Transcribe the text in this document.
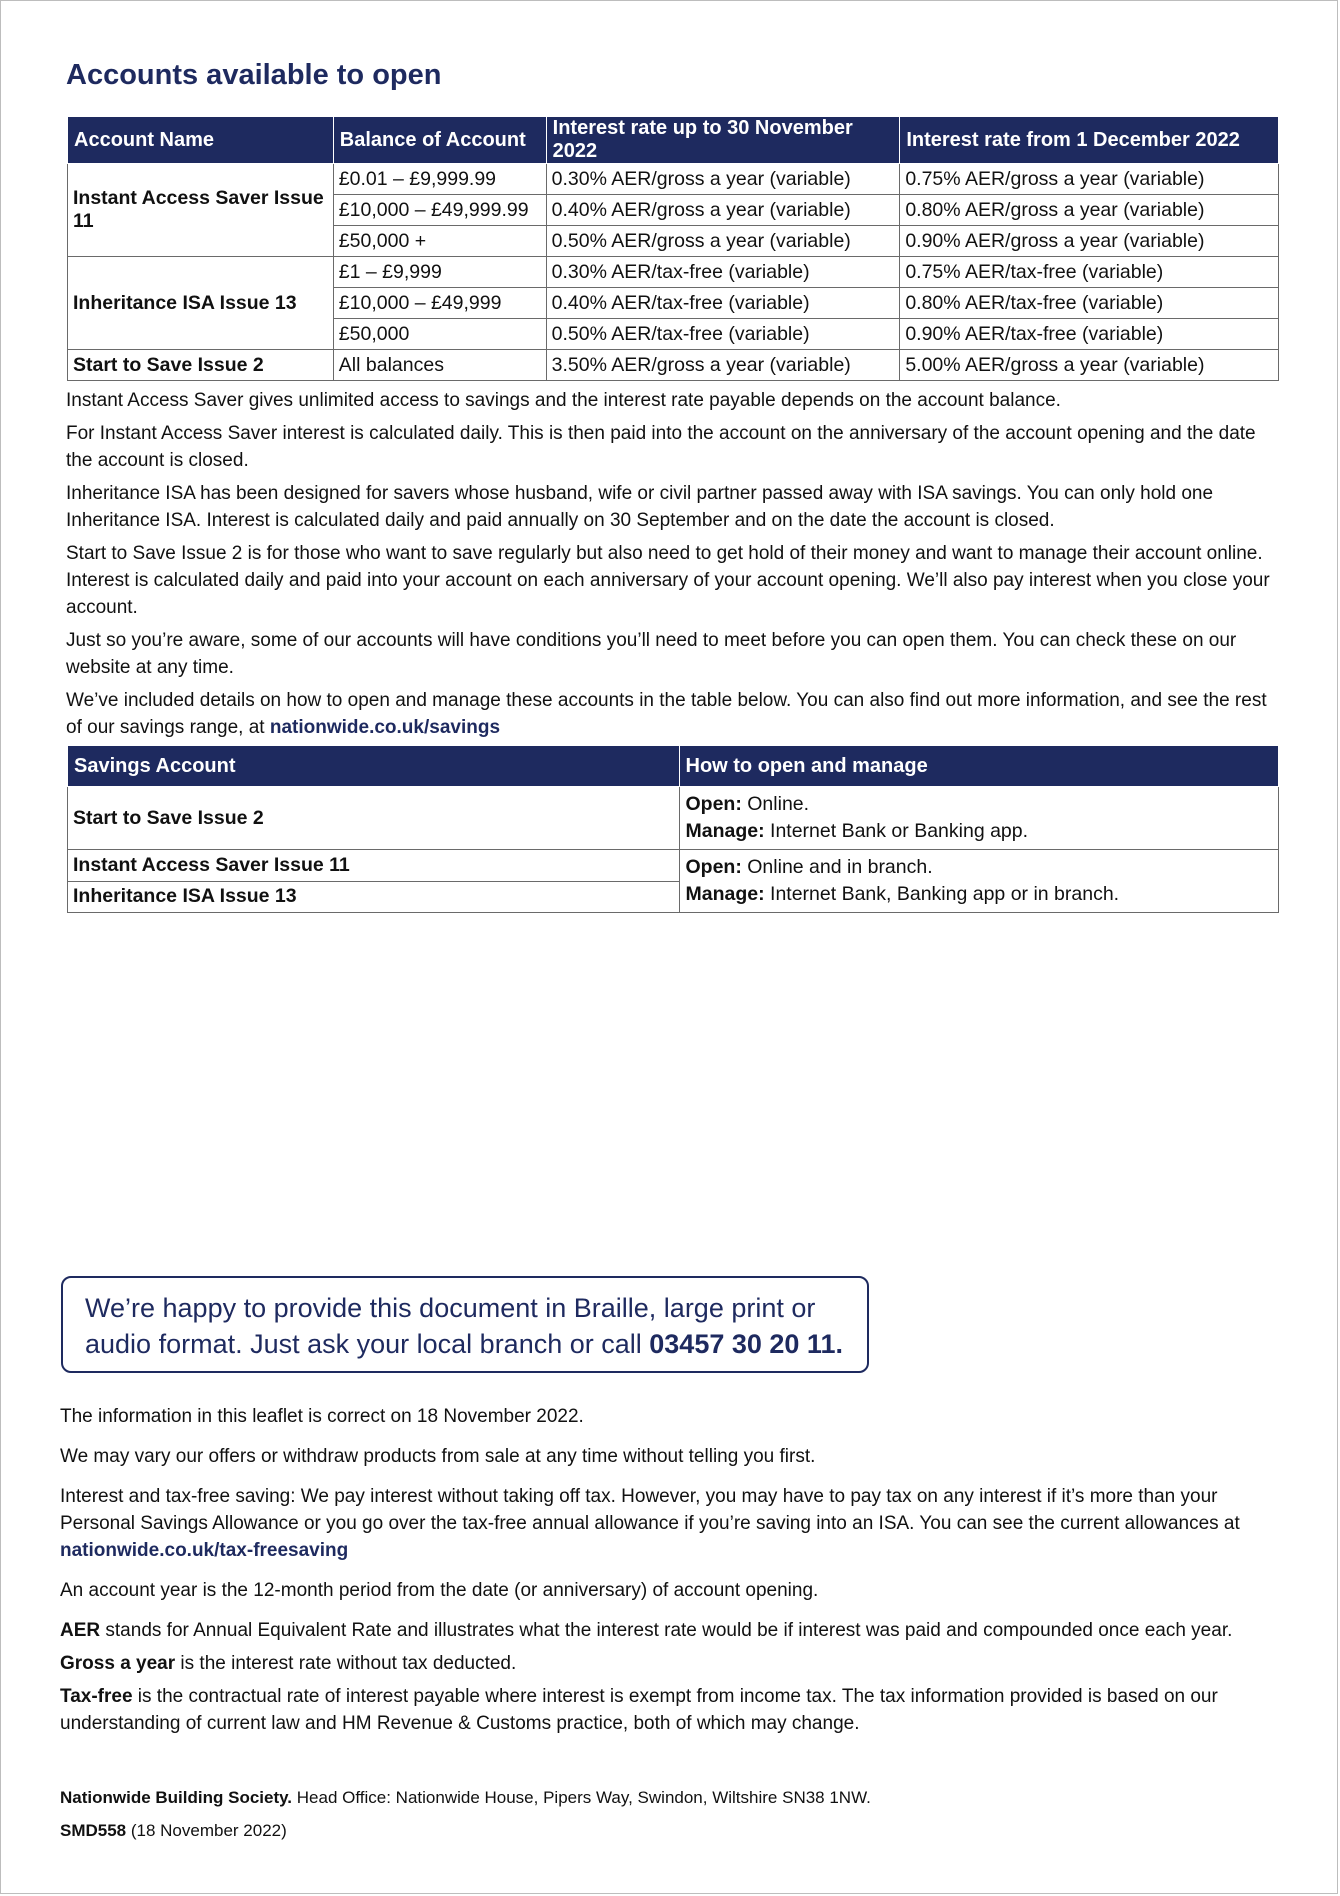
Accounts available to open
Account Name	Balance of Account	Interest rate up to 30 November 2022	Interest rate from 1 December 2022
Instant Access Saver Issue 11	£0.01 – £9,999.99	0.30% AER/gross a year (variable)	0.75% AER/gross a year (variable)
	£10,000 – £49,999.99	0.40% AER/gross a year (variable)	0.80% AER/gross a year (variable)
	£50,000 +	0.50% AER/gross a year (variable)	0.90% AER/gross a year (variable)
Inheritance ISA Issue 13	£1 – £9,999	0.30% AER/tax-free (variable)	0.75% AER/tax-free (variable)
	£10,000 – £49,999	0.40% AER/tax-free (variable)	0.80% AER/tax-free (variable)
	£50,000	0.50% AER/tax-free (variable)	0.90% AER/tax-free (variable)
Start to Save Issue 2	All balances	3.50% AER/gross a year (variable)	5.00% AER/gross a year (variable)

Instant Access Saver gives unlimited access to savings and the interest rate payable depends on the account balance.

For Instant Access Saver interest is calculated daily. This is then paid into the account on the anniversary of the account opening and the date the account is closed.

Inheritance ISA has been designed for savers whose husband, wife or civil partner passed away with ISA savings. You can only hold one Inheritance ISA. Interest is calculated daily and paid annually on 30 September and on the date the account is closed.

Start to Save Issue 2 is for those who want to save regularly but also need to get hold of their money and want to manage their account online. Interest is calculated daily and paid into your account on each anniversary of your account opening. We’ll also pay interest when you close your account.

Just so you’re aware, some of our accounts will have conditions you’ll need to meet before you can open them. You can check these on our website at any time.

We’ve included details on how to open and manage these accounts in the table below. You can also find out more information, and see the rest of our savings range, at nationwide.co.uk/savings

Savings Account	How to open and manage
Start to Save Issue 2	Open: Online.
Manage: Internet Bank or Banking app.
Instant Access Saver Issue 11	Open: Online and in branch.
Manage: Internet Bank, Banking app or in branch.
Inheritance ISA Issue 13	
We’re happy to provide this document in Braille, large print or audio format. Just ask your local branch or call 03457 30 20 11.

The information in this leaflet is correct on 18 November 2022.

We may vary our offers or withdraw products from sale at any time without telling you first.

Interest and tax-free saving: We pay interest without taking off tax. However, you may have to pay tax on any interest if it’s more than your Personal Savings Allowance or you go over the tax-free annual allowance if you’re saving into an ISA. You can see the current allowances at
nationwide.co.uk/tax-freesaving

An account year is the 12-month period from the date (or anniversary) of account opening.

AER stands for Annual Equivalent Rate and illustrates what the interest rate would be if interest was paid and compounded once each year.

Gross a year is the interest rate without tax deducted.

Tax-free is the contractual rate of interest payable where interest is exempt from income tax. The tax information provided is based on our understanding of current law and HM Revenue & Customs practice, both of which may change.

Nationwide Building Society. Head Office: Nationwide House, Pipers Way, Swindon, Wiltshire SN38 1NW.

SMD558 (18 November 2022)
